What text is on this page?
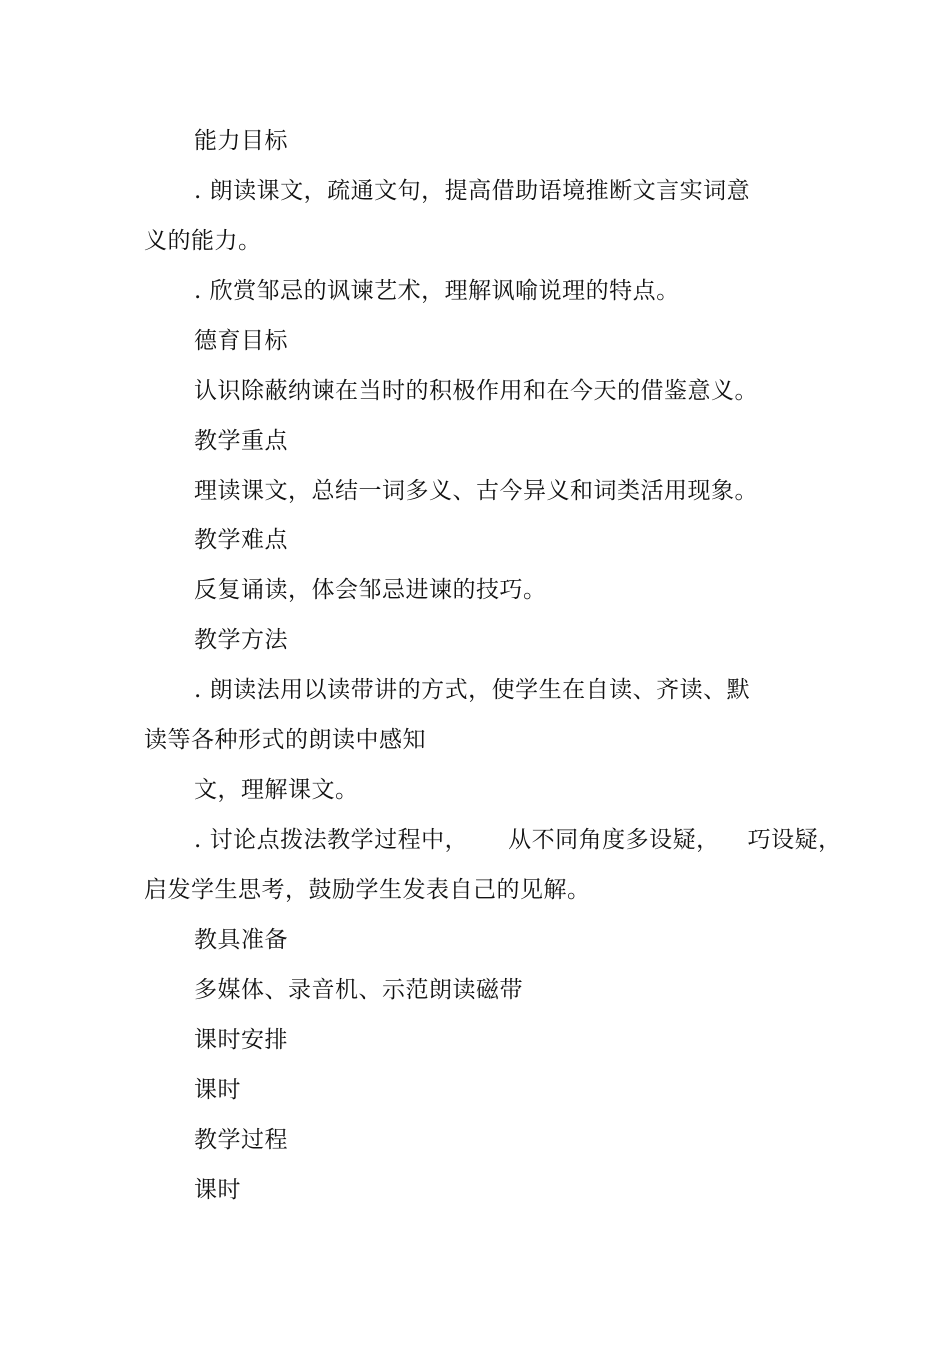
能力目标
. 朗读课文，疏通文句，提高借助语境推断文言实词意
义的能力。
. 欣赏邹忌的讽谏艺术，理解讽喻说理的特点。
德育目标
认识除蔽纳谏在当时的积极作用和在今天的借鉴意义。
教学重点
理读课文，总结一词多义、古今异义和词类活用现象。
教学难点
反复诵读，体会邹忌进谏的技巧。
教学方法
. 朗读法用以读带讲的方式，使学生在自读、齐读、默
读等各种形式的朗读中感知
文，理解课文。
. 讨论点拨法教学过程中， 从不同角度多设疑， 巧设疑，
启发学生思考，鼓励学生发表自己的见解。
教具准备
多媒体、录音机、示范朗读磁带
课时安排
课时
教学过程
课时
